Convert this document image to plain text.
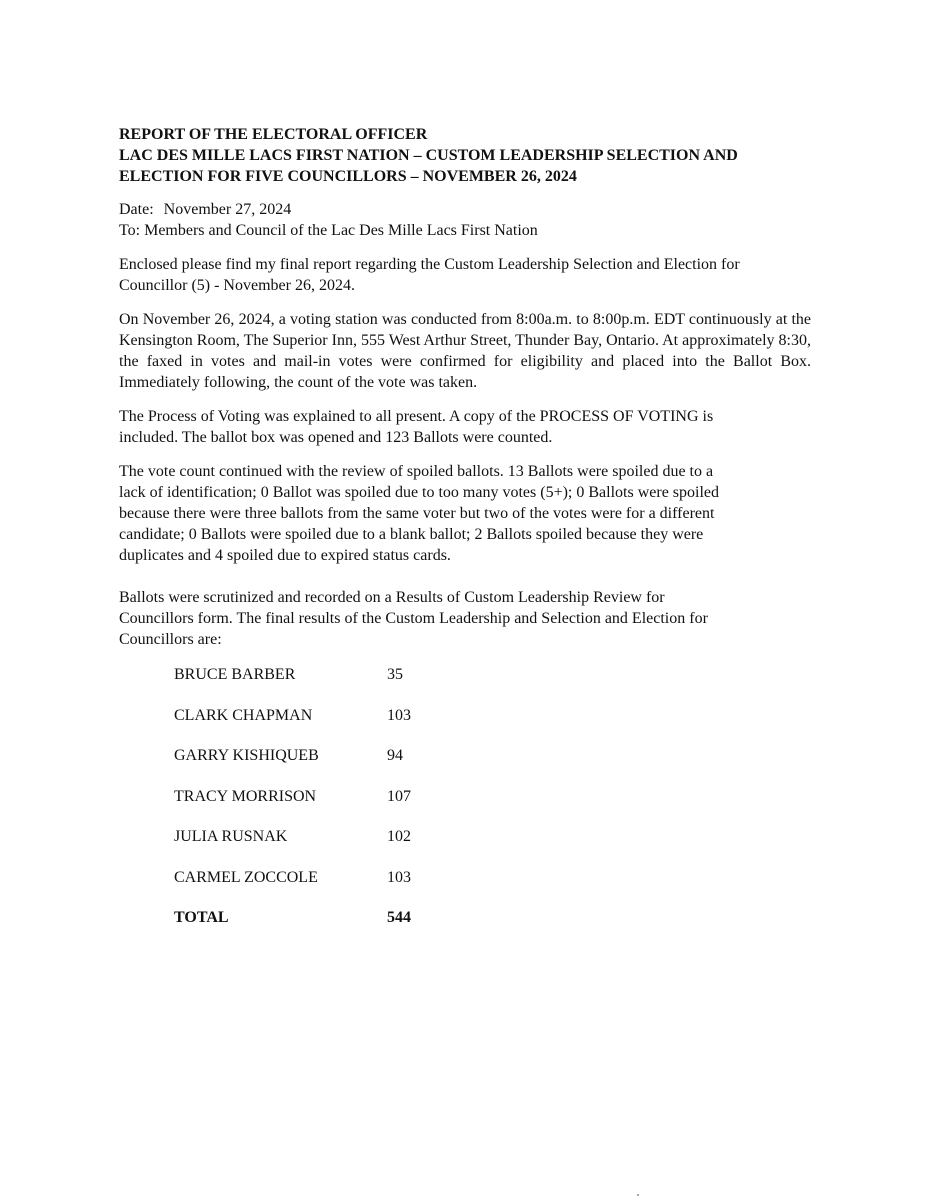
REPORT OF THE ELECTORAL OFFICER
LAC DES MILLE LACS FIRST NATION – CUSTOM LEADERSHIP SELECTION AND
ELECTION FOR FIVE COUNCILLORS – NOVEMBER 26, 2024
Date: November 27, 2024
To: Members and Council of the Lac Des Mille Lacs First Nation
Enclosed please find my final report regarding the Custom Leadership Selection and Election for
Councillor (5) - November 26, 2024.

On November 26, 2024, a voting station was conducted from 8:00a.m. to 8:00p.m. EDT continuously at the Kensington Room, The Superior Inn, 555 West Arthur Street, Thunder Bay, Ontario. At approximately 8:30, the faxed in votes and mail-in votes were confirmed for eligibility and placed into the Ballot Box. Immediately following, the count of the vote was taken.

The Process of Voting was explained to all present. A copy of the PROCESS OF VOTING is
included. The ballot box was opened and 123 Ballots were counted.
The vote count continued with the review of spoiled ballots. 13 Ballots were spoiled due to a
lack of identification; 0 Ballot was spoiled due to too many votes (5+); 0 Ballots were spoiled
because there were three ballots from the same voter but two of the votes were for a different
candidate; 0 Ballots were spoiled due to a blank ballot; 2 Ballots spoiled because they were
duplicates and 4 spoiled due to expired status cards.
Ballots were scrutinized and recorded on a Results of Custom Leadership Review for
Councillors form. The final results of the Custom Leadership and Selection and Election for
Councillors are:
BRUCE BARBER	35
CLARK CHAPMAN	103
GARRY KISHIQUEB	94
TRACY MORRISON	107
JULIA RUSNAK	102
CARMEL ZOCCOLE	103
TOTAL	544
